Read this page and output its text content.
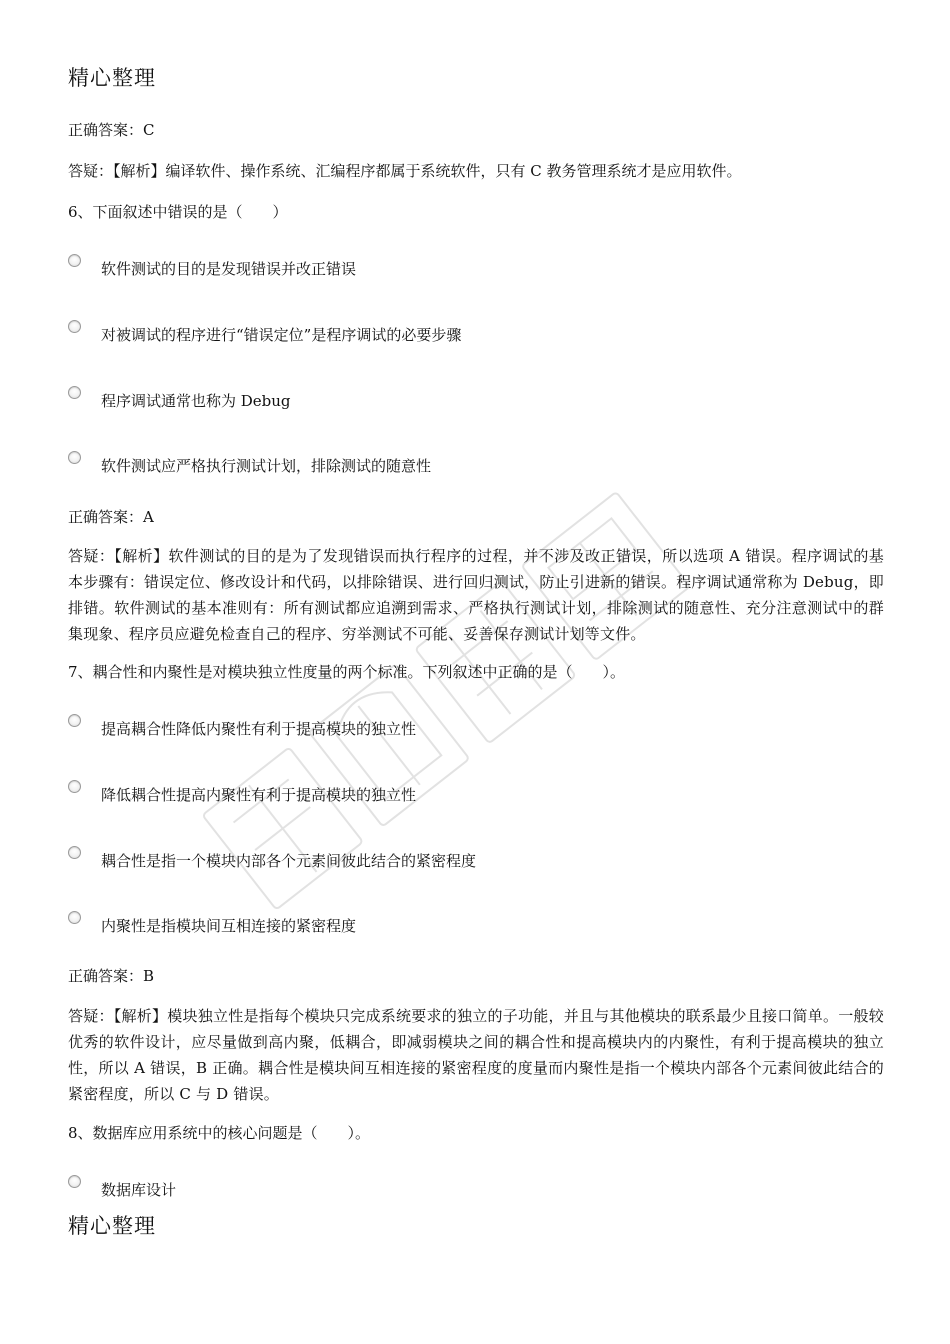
精心整理

正确答案：C

答疑：【解析】编译软件、操作系统、汇编程序都属于系统软件，只有 C 教务管理系统才是应用软件。

6、下面叙述中错误的是（　　）

软件测试的目的是发现错误并改正错误
对被调试的程序进行“错误定位”是程序调试的必要步骤
程序调试通常也称为 Debug
软件测试应严格执行测试计划，排除测试的随意性

正确答案：A

答疑：【解析】软件测试的目的是为了发现错误而执行程序的过程，并不涉及改正错误，所以选项 A 错误。程序调试的基本步骤有：错误定位、修改设计和代码，以排除错误、进行回归测试，防止引进新的错误。程序调试通常称为 Debug，即排错。软件测试的基本准则有：所有测试都应追溯到需求、严格执行测试计划，排除测试的随意性、充分注意测试中的群集现象、程序员应避免检查自己的程序、穷举测试不可能、妥善保存测试计划等文件。

7、耦合性和内聚性是对模块独立性度量的两个标准。下列叙述中正确的是（　　）。

提高耦合性降低内聚性有利于提高模块的独立性
降低耦合性提高内聚性有利于提高模块的独立性
耦合性是指一个模块内部各个元素间彼此结合的紧密程度
内聚性是指模块间互相连接的紧密程度

正确答案：B

答疑：【解析】模块独立性是指每个模块只完成系统要求的独立的子功能，并且与其他模块的联系最少且接口简单。一般较优秀的软件设计，应尽量做到高内聚，低耦合，即减弱模块之间的耦合性和提高模块内的内聚性，有利于提高模块的独立性，所以 A 错误，B 正确。耦合性是模块间互相连接的紧密程度的度量而内聚性是指一个模块内部各个元素间彼此结合的紧密程度，所以 C 与 D 错误。

8、数据库应用系统中的核心问题是（　　）。

数据库设计
精心整理
